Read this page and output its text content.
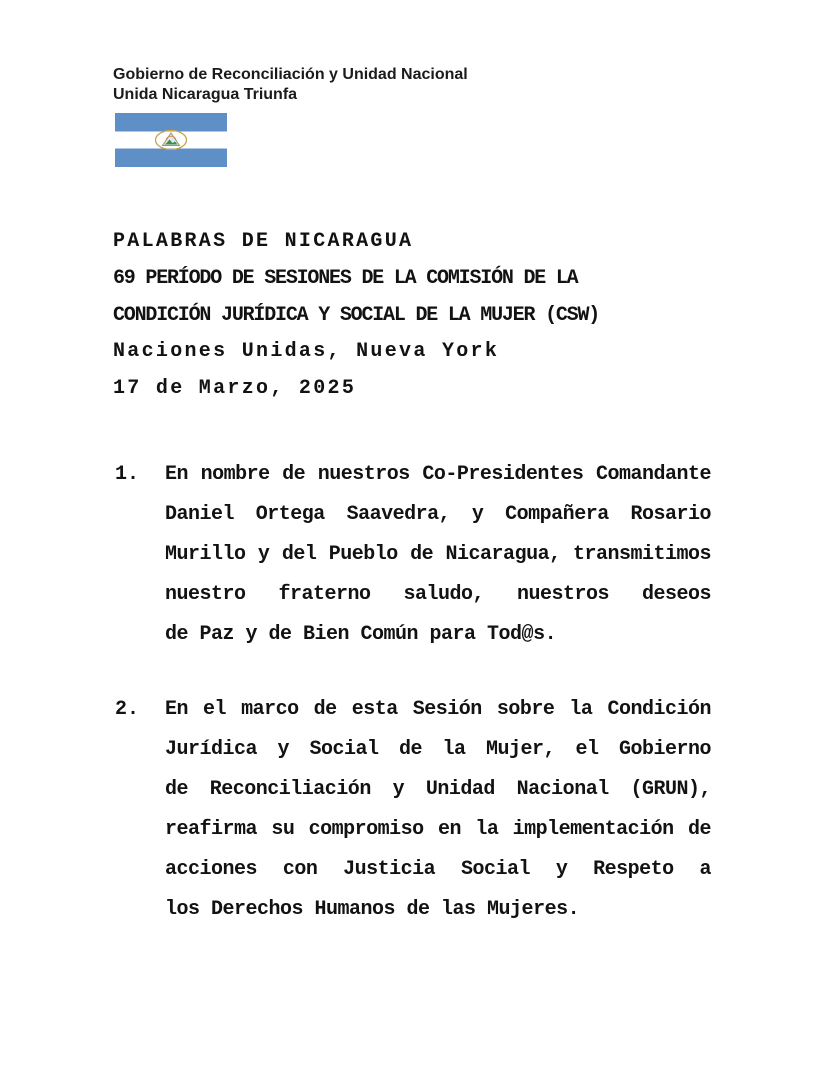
Gobierno de Reconciliación y Unidad Nacional
Unida Nicaragua Triunfa
PALABRAS DE NICARAGUA
69 PERÍODO DE SESIONES DE LA COMISIÓN DE LA
CONDICIÓN JURÍDICA Y SOCIAL DE LA MUJER (CSW)
Naciones Unidas, Nueva York
17 de Marzo, 2025
1.	En nombre de nuestros Co-Presidentes Comandante
Daniel Ortega Saavedra, y Compañera Rosario
Murillo y del Pueblo de Nicaragua, transmitimos
nuestro fraterno saludo, nuestros deseos
de Paz y de Bien Común para Tod@s.
2.	En el marco de esta Sesión sobre la Condición
Jurídica y Social de la Mujer, el Gobierno
de Reconciliación y Unidad Nacional (GRUN),
reafirma su compromiso en la implementación de
acciones con Justicia Social y Respeto a
los Derechos Humanos de las Mujeres.
